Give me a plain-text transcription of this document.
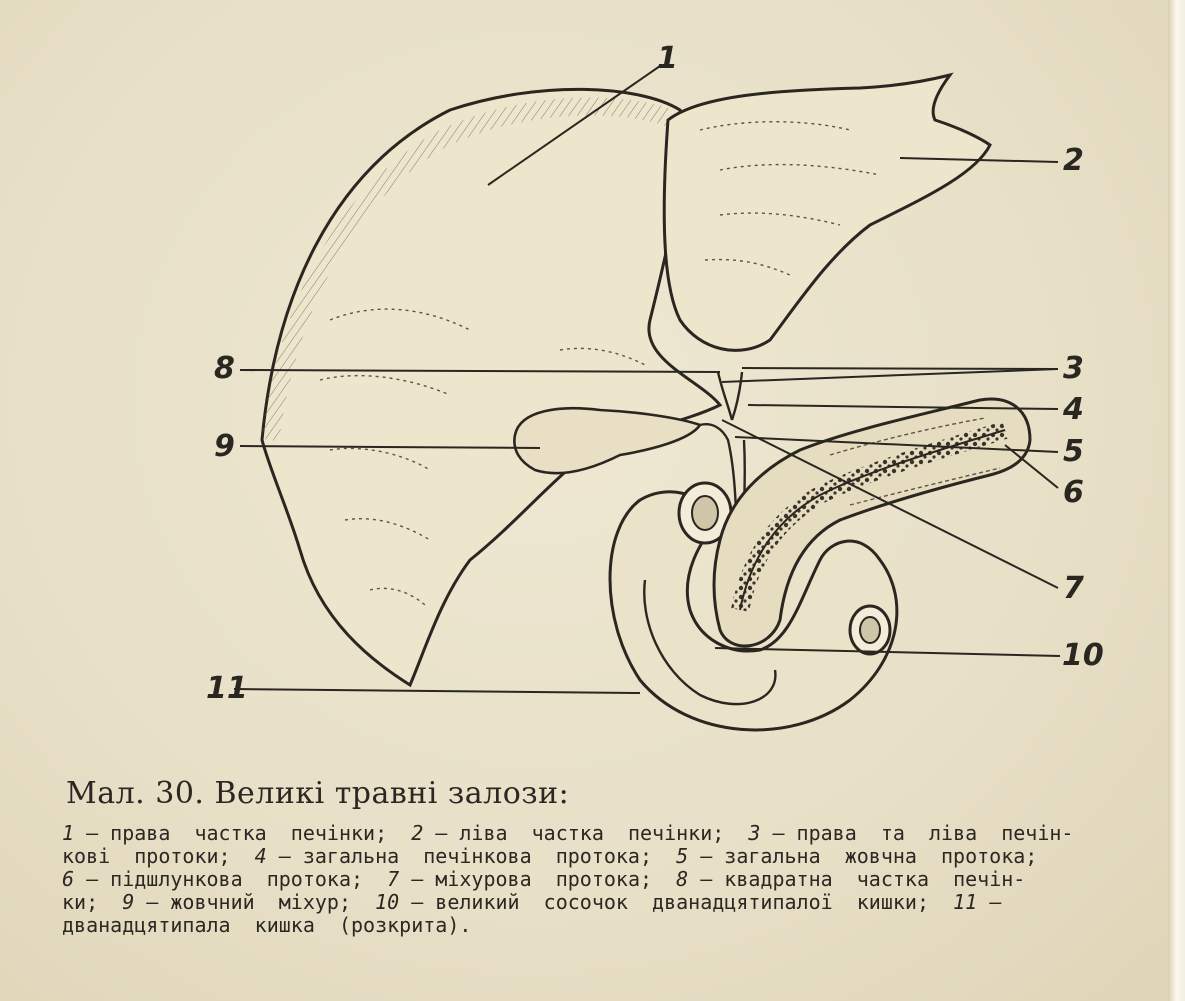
1
2
3
4
5
6
7
8
9
10
11
Мал. 30. Великі травні залози:
1 — права  частка  печінки;  2 — ліва  частка  печінки;  3 — права  та  ліва  печін-
кові  протоки;  4 — загальна  печінкова  протока;  5 — загальна  жовчна  протока;
6 — підшлункова  протока;  7 — міхурова  протока;  8 — квадратна  частка  печін-
ки;  9 — жовчний  міхур;  10 — великий  сосочок  дванадцятипалої  кишки;  11 —
дванадцятипала  кишка  (розкрита).
